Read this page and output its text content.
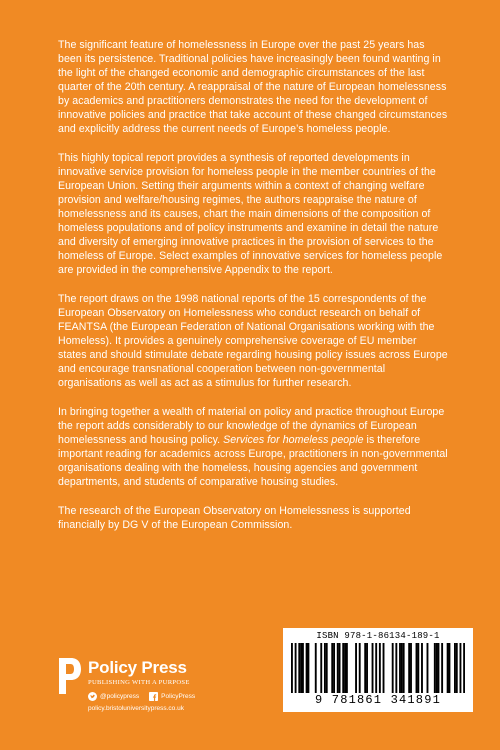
The significant feature of homelessness in Europe over the past 25 years has been its persistence. Traditional policies have increasingly been found wanting in the light of the changed economic and demographic circumstances of the last quarter of the 20th century. A reappraisal of the nature of European homelessness by academics and practitioners demonstrates the need for the development of innovative policies and practice that take account of these changed circumstances and explicitly address the current needs of Europe’s homeless people.

This highly topical report provides a synthesis of reported developments in innovative service provision for homeless people in the member countries of the European Union. Setting their arguments within a context of changing welfare provision and welfare/housing regimes, the authors reappraise the nature of homelessness and its causes, chart the main dimensions of the composition of homeless populations and of policy instruments and examine in detail the nature and diversity of emerging innovative practices in the provision of services to the homeless of Europe. Select examples of innovative services for homeless people are provided in the comprehensive Appendix to the report.

The report draws on the 1998 national reports of the 15 correspondents of the European Observatory on Homelessness who conduct research on behalf of FEANTSA (the European Federation of National Organisations working with the Homeless). It provides a genuinely comprehensive coverage of EU member states and should stimulate debate regarding housing policy issues across Europe and encourage transnational cooperation between non-governmental organisations as well as act as a stimulus for further research.

In bringing together a wealth of material on policy and practice throughout Europe the report adds considerably to our knowledge of the dynamics of European homelessness and housing policy. Services for homeless people is therefore important reading for academics across Europe, practitioners in non-governmental organisations dealing with the homeless, housing agencies and government departments, and students of comparative housing studies.

The research of the European Observatory on Homelessness is supported financially by DG V of the European Commission.

Policy Press
PUBLISHING WITH A PURPOSE
@policypress	PolicyPress
policy.bristoluniversitypress.co.uk
ISBN 978-1-86134-189-1
9 781861 341891
